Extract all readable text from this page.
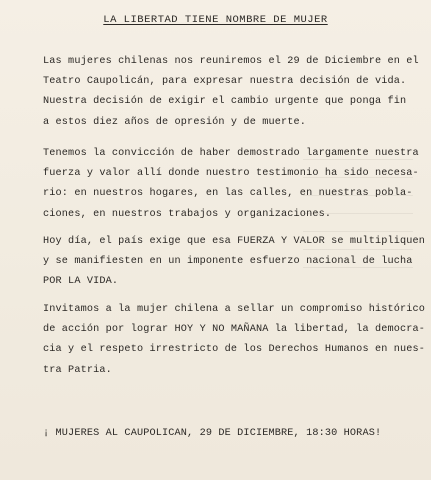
LA LIBERTAD TIENE NOMBRE DE MUJER
Las mujeres chilenas nos reuniremos el 29 de Diciembre en el
Teatro Caupolicán, para expresar nuestra decisión de vida.
Nuestra decisión de exigir el cambio urgente que ponga fin
a estos diez años de opresión y de muerte.
Tenemos la convicción de haber demostrado largamente nuestra
fuerza y valor allí donde nuestro testimonio ha sido necesa-
rio: en nuestros hogares, en las calles, en nuestras pobla-
ciones, en nuestros trabajos y organizaciones.
Hoy día, el país exige que esa FUERZA Y VALOR se multipliquen
y se manifiesten en un imponente esfuerzo nacional de lucha
POR LA VIDA.
Invitamos a la mujer chilena a sellar un compromiso histórico
de acción por lograr HOY Y NO MAÑANA la libertad, la democra-
cia y el respeto irrestricto de los Derechos Humanos en nues-
tra Patria.
¡ MUJERES AL CAUPOLICAN, 29 DE DICIEMBRE, 18:30 HORAS!
